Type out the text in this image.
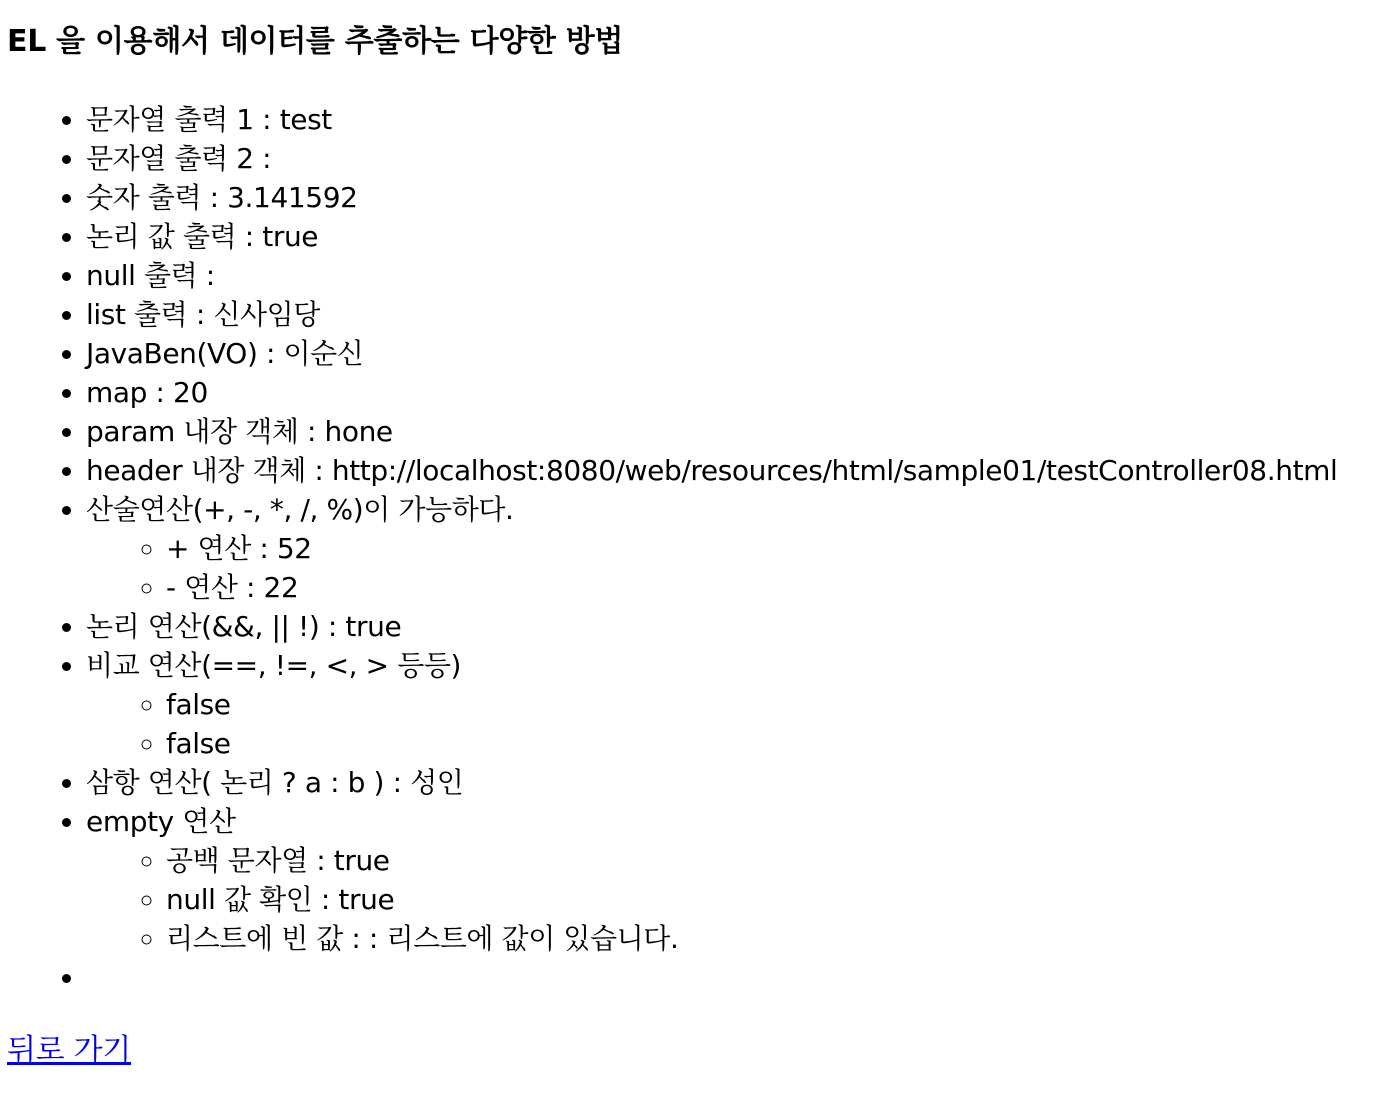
EL 을 이용해서 데이터를 추출하는 다양한 방법
• 문자열 출력 1 : test
• 문자열 출력 2 :
• 숫자 출력 : 3.141592
• 논리 값 출력 : true
• null 출력 :
• list 출력 : 신사임당
• JavaBen(VO) : 이순신
• map : 20
• param 내장 객체 : hone
• header 내장 객체 : http://localhost:8080/web/resources/html/sample01/testController08.html
• 산술연산(+, -, *, /, %)이 가능하다.
◦ + 연산 : 52
◦ - 연산 : 22
• 논리 연산(&&, || !) : true
• 비교 연산(==, !=, <, > 등등)
◦ false
◦ false
• 삼항 연산( 논리 ? a : b ) : 성인
• empty 연산
◦ 공백 문자열 : true
◦ null 값 확인 : true
◦ 리스트에 빈 값 : : 리스트에 값이 있습니다.
•
뒤로 가기
